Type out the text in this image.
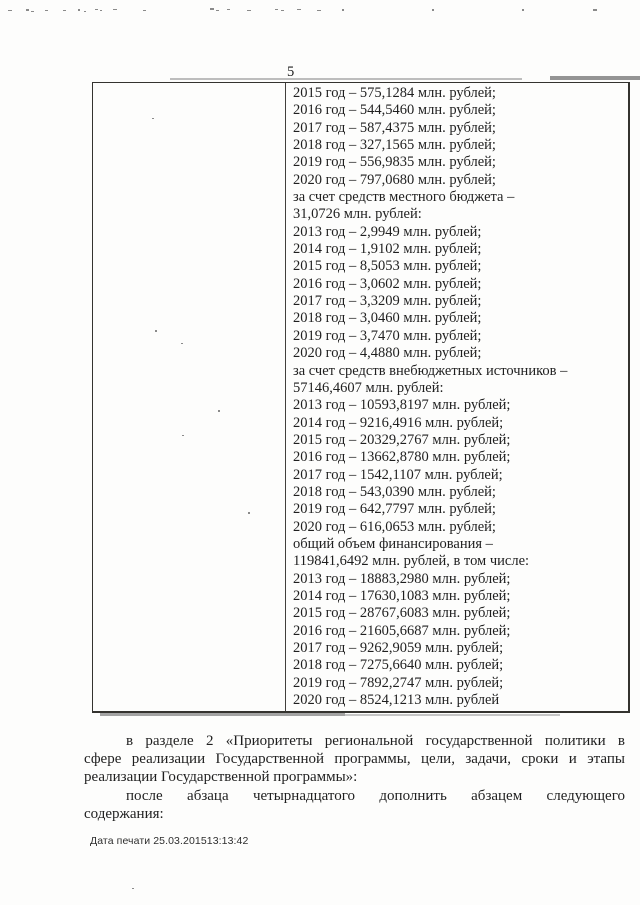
5
2015 год – 575,1284 млн. рублей;
2016 год – 544,5460 млн. рублей;
2017 год – 587,4375 млн. рублей;
2018 год – 327,1565 млн. рублей;
2019 год – 556,9835 млн. рублей;
2020 год – 797,0680 млн. рублей;
за счет средств местного бюджета –
31,0726 млн. рублей:
2013 год – 2,9949 млн. рублей;
2014 год – 1,9102 млн. рублей;
2015 год – 8,5053 млн. рублей;
2016 год – 3,0602 млн. рублей;
2017 год – 3,3209 млн. рублей;
2018 год – 3,0460 млн. рублей;
2019 год – 3,7470 млн. рублей;
2020 год – 4,4880 млн. рублей;
за счет средств внебюджетных источников –
57146,4607 млн. рублей:
2013 год – 10593,8197 млн. рублей;
2014 год – 9216,4916 млн. рублей;
2015 год – 20329,2767 млн. рублей;
2016 год – 13662,8780 млн. рублей;
2017 год – 1542,1107 млн. рублей;
2018 год – 543,0390 млн. рублей;
2019 год – 642,7797 млн. рублей;
2020 год – 616,0653 млн. рублей;
общий объем финансирования –
119841,6492 млн. рублей, в том числе:
2013 год – 18883,2980 млн. рублей;
2014 год – 17630,1083 млн. рублей;
2015 год – 28767,6083 млн. рублей;
2016 год – 21605,6687 млн. рублей;
2017 год – 9262,9059 млн. рублей;
2018 год – 7275,6640 млн. рублей;
2019 год – 7892,2747 млн. рублей;
2020 год – 8524,1213 млн. рублей
в разделе 2 «Приоритеты региональной государственной политики в
сфере реализации Государственной программы, цели, задачи, сроки и этапы
реализации Государственной программы»:
после абзаца четырнадцатого дополнить абзацем следующего
содержания:
Дата печати 25.03.201513:13:42
